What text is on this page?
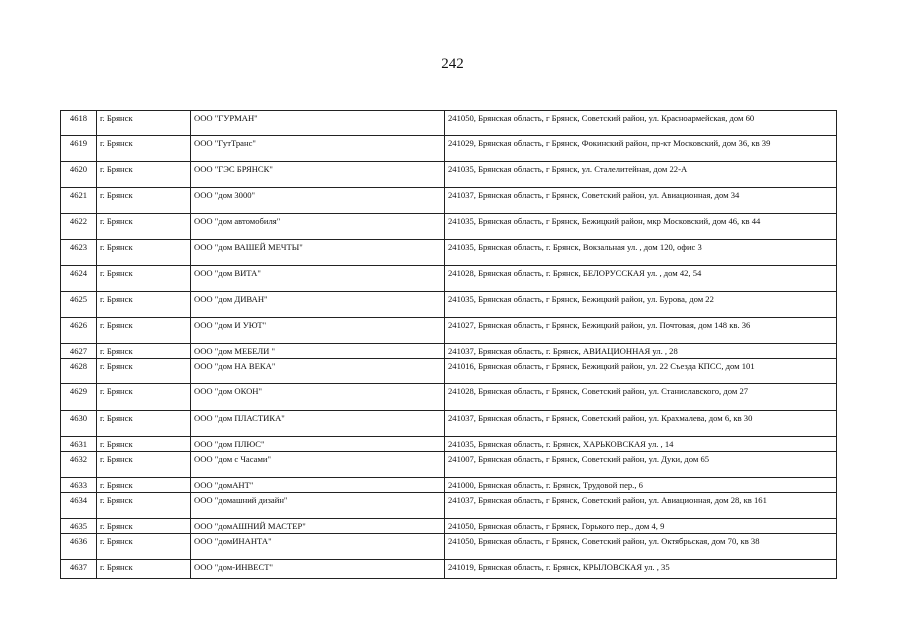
242
4618	г. Брянск	ООО "ГУРМАН"	241050, Брянская область, г Брянск, Советский район, ул. Красноармейская, дом 60
4619	г. Брянск	ООО "ГутТранс"	241029, Брянская область, г Брянск, Фокинский район, пр-кт Московский, дом 36, кв 39
4620	г. Брянск	ООО "ГЭС БРЯНСК"	241035, Брянская область, г Брянск, ул. Сталелитейная, дом 22-А
4621	г. Брянск	ООО "дом 3000"	241037, Брянская область, г Брянск, Советский район, ул. Авиационная, дом 34
4622	г. Брянск	ООО "дом автомобиля"	241035, Брянская область, г Брянск, Бежицкий район, мкр Московский, дом 46, кв 44
4623	г. Брянск	ООО "дом ВАШЕЙ МЕЧТЫ"	241035, Брянская область, г. Брянск, Вокзальная ул. , дом 120, офис 3
4624	г. Брянск	ООО "дом ВИТА"	241028, Брянская область, г. Брянск, БЕЛОРУССКАЯ ул. , дом 42, 54
4625	г. Брянск	ООО "дом ДИВАН"	241035, Брянская область, г Брянск, Бежицкий район, ул. Бурова, дом 22
4626	г. Брянск	ООО "дом И УЮТ"	241027, Брянская область, г Брянск, Бежицкий район, ул. Почтовая, дом 148 кв. 36
4627	г. Брянск	ООО "дом МЕБЕЛИ "	241037, Брянская область, г. Брянск, АВИАЦИОННАЯ ул. , 28
4628	г. Брянск	ООО "дом НА ВЕКА"	241016, Брянская область, г Брянск, Бежицкий район, ул. 22 Съезда КПСС, дом 101
4629	г. Брянск	ООО "дом ОКОН"	241028, Брянская область, г Брянск, Советский район, ул. Станиславского, дом 27
4630	г. Брянск	ООО "дом ПЛАСТИКА"	241037, Брянская область, г Брянск, Советский район, ул. Крахмалева, дом 6, кв 30
4631	г. Брянск	ООО "дом ПЛЮС"	241035, Брянская область, г. Брянск, ХАРЬКОВСКАЯ ул. , 14
4632	г. Брянск	ООО "дом с Часами"	241007, Брянская область, г Брянск, Советский район, ул. Дуки, дом 65
4633	г. Брянск	ООО "домАНТ"	241000, Брянская область, г. Брянск, Трудовой пер., 6
4634	г. Брянск	ООО "домашний дизайн"	241037, Брянская область, г Брянск, Советский район, ул. Авиационная, дом 28, кв 161
4635	г. Брянск	ООО "домАШНИЙ МАСТЕР"	241050, Брянская область, г Брянск, Горького пер., дом 4, 9
4636	г. Брянск	ООО "домИНАНТА"	241050, Брянская область, г Брянск, Советский район, ул. Октябрьская, дом 70, кв 38
4637	г. Брянск	ООО "дом-ИНВЕСТ"	241019, Брянская область, г. Брянск, КРЫЛОВСКАЯ ул. , 35
